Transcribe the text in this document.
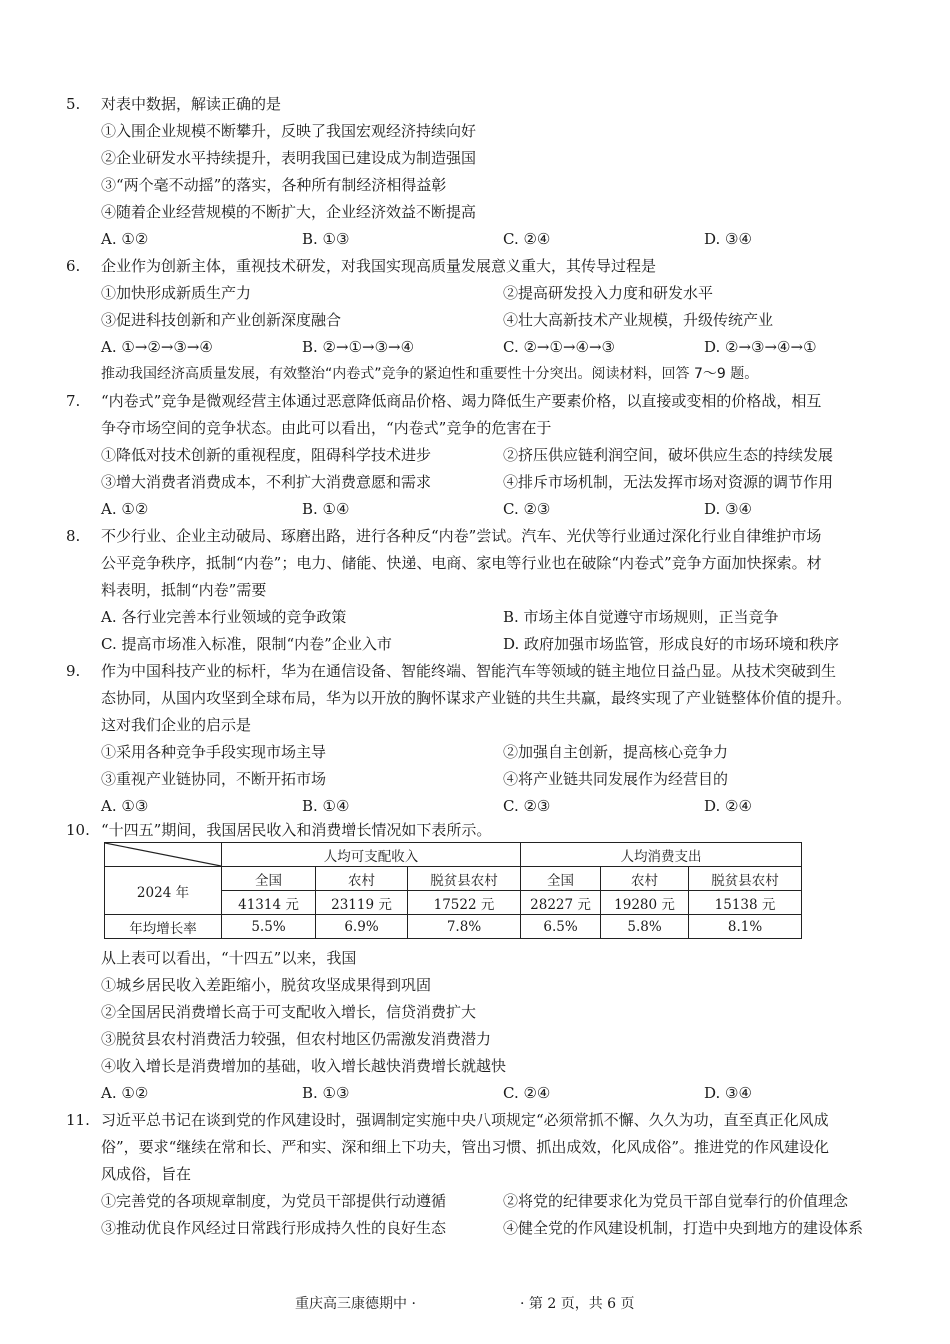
5. 对表中数据，解读正确的是
①入围企业规模不断攀升，反映了我国宏观经济持续向好
②企业研发水平持续提升，表明我国已建设成为制造强国
③“两个毫不动摇”的落实，各种所有制经济相得益彰
④随着企业经营规模的不断扩大，企业经济效益不断提高
A. ①②	B. ①③	C. ②④	D. ③④
6. 企业作为创新主体，重视技术研发，对我国实现高质量发展意义重大，其传导过程是
①加快形成新质生产力	②提高研发投入力度和研发水平
③促进科技创新和产业创新深度融合	④壮大高新技术产业规模，升级传统产业
A. ①→②→③→④	B. ②→①→③→④	C. ②→①→④→③	D. ②→③→④→①
推动我国经济高质量发展，有效整治“内卷式”竞争的紧迫性和重要性十分突出。阅读材料，回答 7～9 题。
7. “内卷式”竞争是微观经营主体通过恶意降低商品价格、竭力降低生产要素价格，以直接或变相的价格战，相互
争夺市场空间的竞争状态。由此可以看出，“内卷式”竞争的危害在于
①降低对技术创新的重视程度，阻碍科学技术进步	②挤压供应链利润空间，破坏供应生态的持续发展
③增大消费者消费成本，不利扩大消费意愿和需求	④排斥市场机制，无法发挥市场对资源的调节作用
A. ①②	B. ①④	C. ②③	D. ③④
8. 不少行业、企业主动破局、琢磨出路，进行各种反“内卷”尝试。汽车、光伏等行业通过深化行业自律维护市场
公平竞争秩序，抵制“内卷”；电力、储能、快递、电商、家电等行业也在破除“内卷式”竞争方面加快探索。材
料表明，抵制“内卷”需要
A. 各行业完善本行业领域的竞争政策	B. 市场主体自觉遵守市场规则，正当竞争
C. 提高市场准入标准，限制“内卷”企业入市	D. 政府加强市场监管，形成良好的市场环境和秩序
9. 作为中国科技产业的标杆，华为在通信设备、智能终端、智能汽车等领域的链主地位日益凸显。从技术突破到生
态协同，从国内攻坚到全球布局，华为以开放的胸怀谋求产业链的共生共赢，最终实现了产业链整体价值的提升。
这对我们企业的启示是
①采用各种竞争手段实现市场主导	②加强自主创新，提高核心竞争力
③重视产业链协同，不断开拓市场	④将产业链共同发展作为经营目的
A. ①③	B. ①④	C. ②③	D. ②④
10. “十四五”期间，我国居民收入和消费增长情况如下表所示。
	人均可支配收入			人均消费支出		
2024 年	全国	农村	脱贫县农村	全国	农村	脱贫县农村
	41314 元	23119 元	17522 元	28227 元	19280 元	15138 元
年均增长率	5.5%	6.9%	7.8%	6.5%	5.8%	8.1%
从上表可以看出，“十四五”以来，我国
①城乡居民收入差距缩小，脱贫攻坚成果得到巩固
②全国居民消费增长高于可支配收入增长，信贷消费扩大
③脱贫县农村消费活力较强，但农村地区仍需激发消费潜力
④收入增长是消费增加的基础，收入增长越快消费增长就越快
A. ①②	B. ①③	C. ②④	D. ③④
11. 习近平总书记在谈到党的作风建设时，强调制定实施中央八项规定“必须常抓不懈、久久为功，直至真正化风成
俗”，要求“继续在常和长、严和实、深和细上下功夫，管出习惯、抓出成效，化风成俗”。推进党的作风建设化
风成俗，旨在
①完善党的各项规章制度，为党员干部提供行动遵循	②将党的纪律要求化为党员干部自觉奉行的价值理念
③推动优良作风经过日常践行形成持久性的良好生态	④健全党的作风建设机制，打造中央到地方的建设体系
重庆高三康德期中 ·	· 第 2 页，共 6 页
